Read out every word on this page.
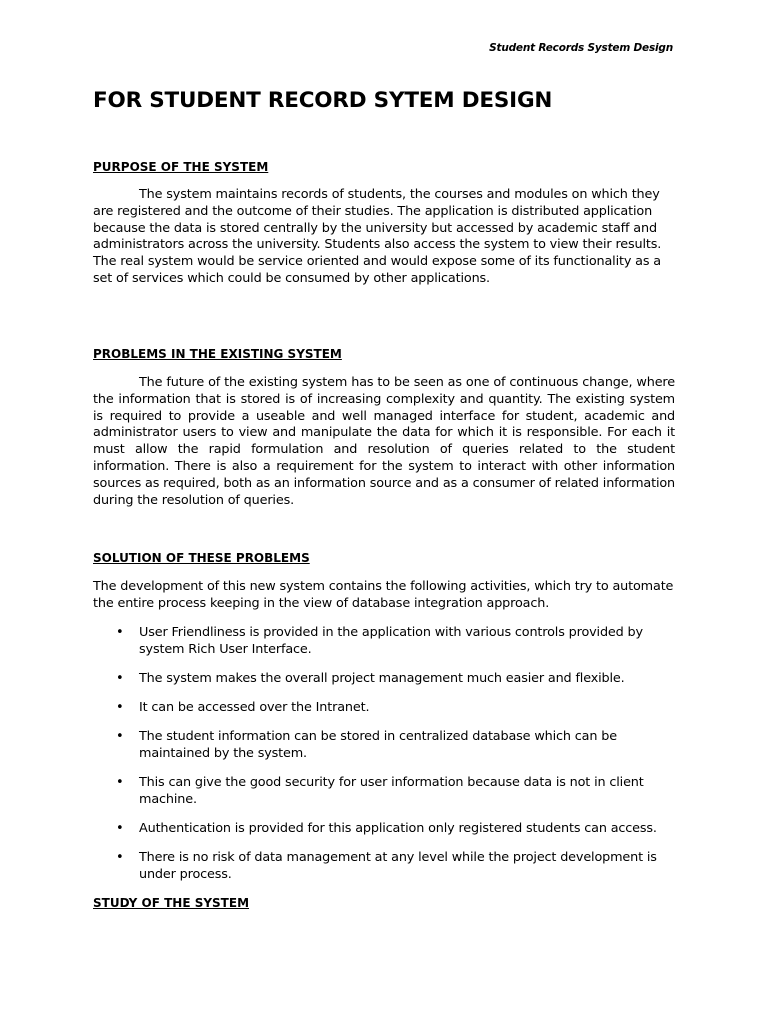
Student Records System Design
FOR STUDENT RECORD SYTEM DESIGN
PURPOSE OF THE SYSTEM

The system maintains records of students, the courses and modules on which they are registered and the outcome of their studies. The application is distributed application because the data is stored centrally by the university but accessed by academic staff and administrators across the university. Students also access the system to view their results. The real system would be service oriented and would expose some of its functionality as a set of services which could be consumed by other applications.

PROBLEMS IN THE EXISTING SYSTEM

The future of the existing system has to be seen as one of continuous change, where the information that is stored is of increasing complexity and quantity. The existing system is required to provide a useable and well managed interface for student, academic and administrator users to view and manipulate the data for which it is responsible. For each it must allow the rapid formulation and resolution of queries related to the student information. There is also a requirement for the system to interact with other information sources as required, both as an information source and as a consumer of related information during the resolution of queries.

SOLUTION OF THESE PROBLEMS

The development of this new system contains the following activities, which try to automate the entire process keeping in the view of database integration approach.

• User Friendliness is provided in the application with various controls provided by system Rich User Interface.
• The system makes the overall project management much easier and flexible.
• It can be accessed over the Intranet.
• The student information can be stored in centralized database which can be maintained by the system.
• This can give the good security for user information because data is not in client machine.
• Authentication is provided for this application only registered students can access.
• There is no risk of data management at any level while the project development is under process.
STUDY OF THE SYSTEM
